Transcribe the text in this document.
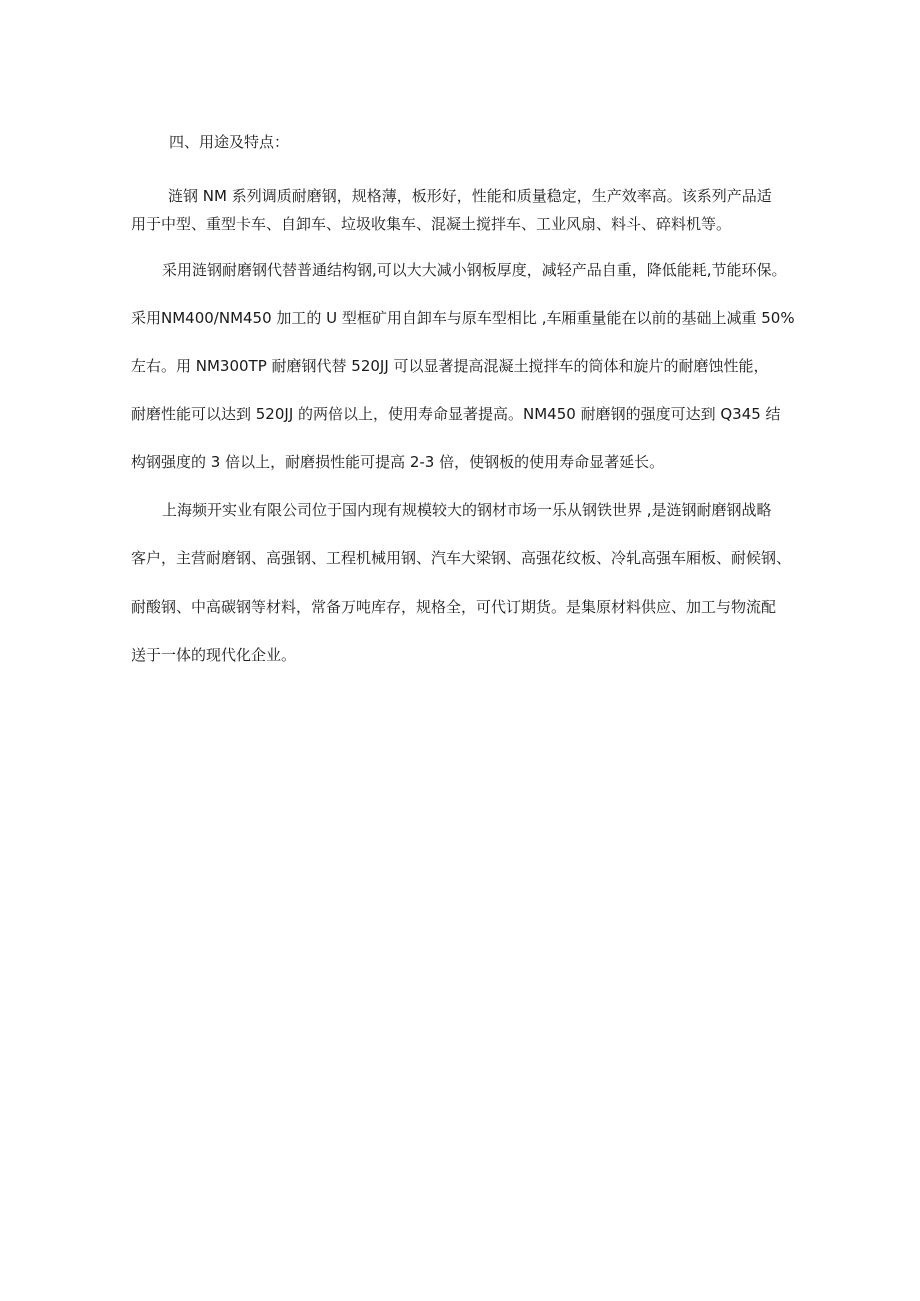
四、用途及特点：
涟钢 NM 系列调质耐磨钢，规格薄，板形好，性能和质量稳定，生产效率高。该系列产品适
用于中型、重型卡车、自卸车、垃圾收集车、混凝土搅拌车、工业风扇、料斗、碎料机等。
采用涟钢耐磨钢代替普通结构钢,可以大大减小钢板厚度，减轻产品自重，降低能耗,节能环保。
采用NM400/NM450 加工的 U 型框矿用自卸车与原车型相比 ,车厢重量能在以前的基础上减重 50%
左右。用 NM300TP 耐磨钢代替 520JJ 可以显著提高混凝土搅拌车的筒体和旋片的耐磨蚀性能，
耐磨性能可以达到 520JJ 的两倍以上，使用寿命显著提高。NM450 耐磨钢的强度可达到 Q345 结
构钢强度的 3 倍以上，耐磨损性能可提高 2-3 倍，使钢板的使用寿命显著延长。
上海频开实业有限公司位于国内现有规模较大的钢材市场一乐从钢铁世界 ,是涟钢耐磨钢战略
客户，主营耐磨钢、高强钢、工程机械用钢、汽车大梁钢、高强花纹板、冷轧高强车厢板、耐候钢、
耐酸钢、中高碳钢等材料，常备万吨库存，规格全，可代订期货。是集原材料供应、加工与物流配
送于一体的现代化企业。
